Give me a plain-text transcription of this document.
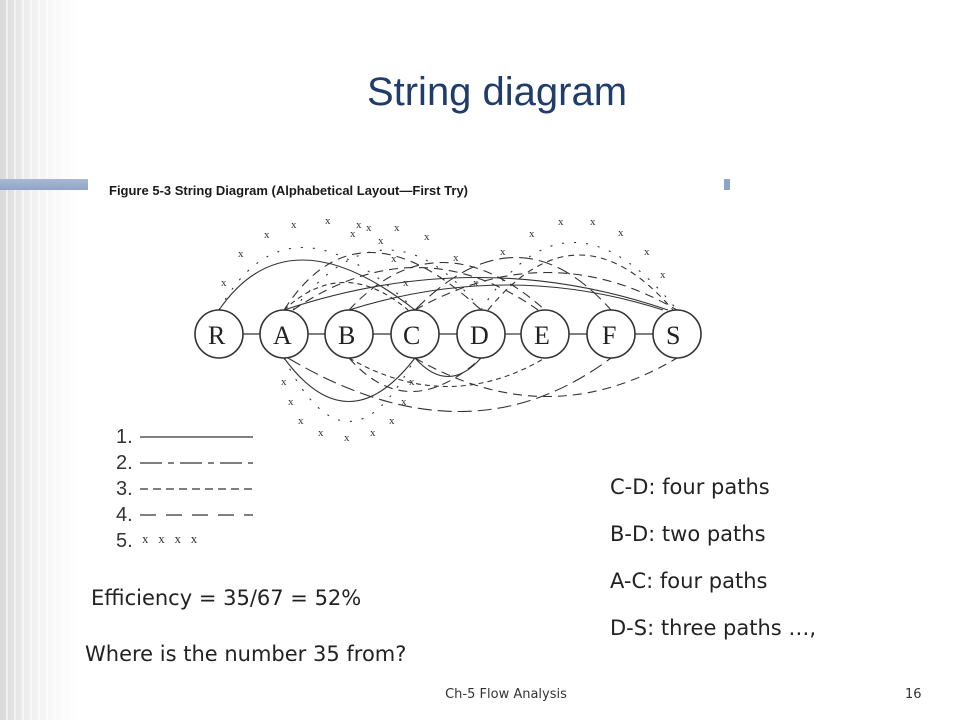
String diagram
x
x
x
x	x x
x
x
x
x x x
x
x
x
x
x
x x
x
x
x
x
x
x
x x x
x
x
x
R A B C D E F S
1.
2.
3.
4.
5. x   x   x   x
Figure 5-3 String Diagram (Alphabetical Layout—First Try)
C-D: four paths
B-D: two paths
A-C: four paths
D-S: three paths …,
Efficiency = 35/67 = 52%
Where is the number 35 from?
Ch-5 Flow Analysis	16
